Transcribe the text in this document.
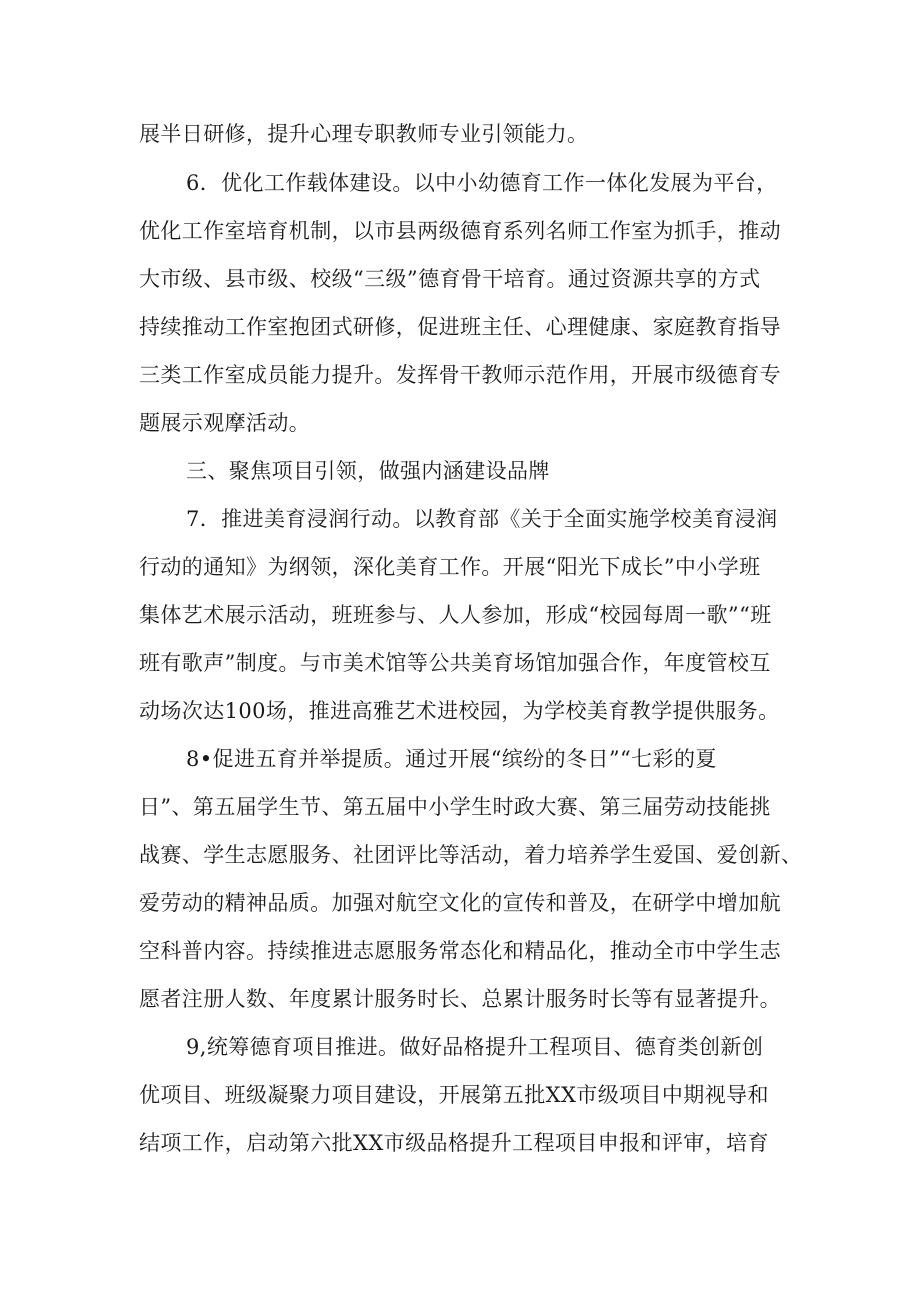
展半日研修，提升心理专职教师专业引领能力。
6．优化工作载体建设。以中小幼德育工作一体化发展为平台，
优化工作室培育机制，以市县两级德育系列名师工作室为抓手，推动
大市级、县市级、校级“三级”德育骨干培育。通过资源共享的方式
持续推动工作室抱团式研修，促进班主任、心理健康、家庭教育指导
三类工作室成员能力提升。发挥骨干教师示范作用，开展市级德育专
题展示观摩活动。
三、聚焦项目引领，做强内涵建设品牌
7．推进美育浸润行动。以教育部《关于全面实施学校美育浸润
行动的通知》为纲领，深化美育工作。开展“阳光下成长”中小学班
集体艺术展示活动，班班参与、人人参加，形成“校园每周一歌”“班
班有歌声”制度。与市美术馆等公共美育场馆加强合作，年度管校互
动场次达100场，推进高雅艺术进校园，为学校美育教学提供服务。
8•促进五育并举提质。通过开展“缤纷的冬日”“七彩的夏
日”、第五届学生节、第五届中小学生时政大赛、第三届劳动技能挑
战赛、学生志愿服务、社团评比等活动，着力培养学生爱国、爱创新、
爱劳动的精神品质。加强对航空文化的宣传和普及，在研学中增加航
空科普内容。持续推进志愿服务常态化和精品化，推动全市中学生志
愿者注册人数、年度累计服务时长、总累计服务时长等有显著提升。
9,统筹德育项目推进。做好品格提升工程项目、德育类创新创
优项目、班级凝聚力项目建设，开展第五批XX市级项目中期视导和
结项工作，启动第六批XX市级品格提升工程项目申报和评审，培育
